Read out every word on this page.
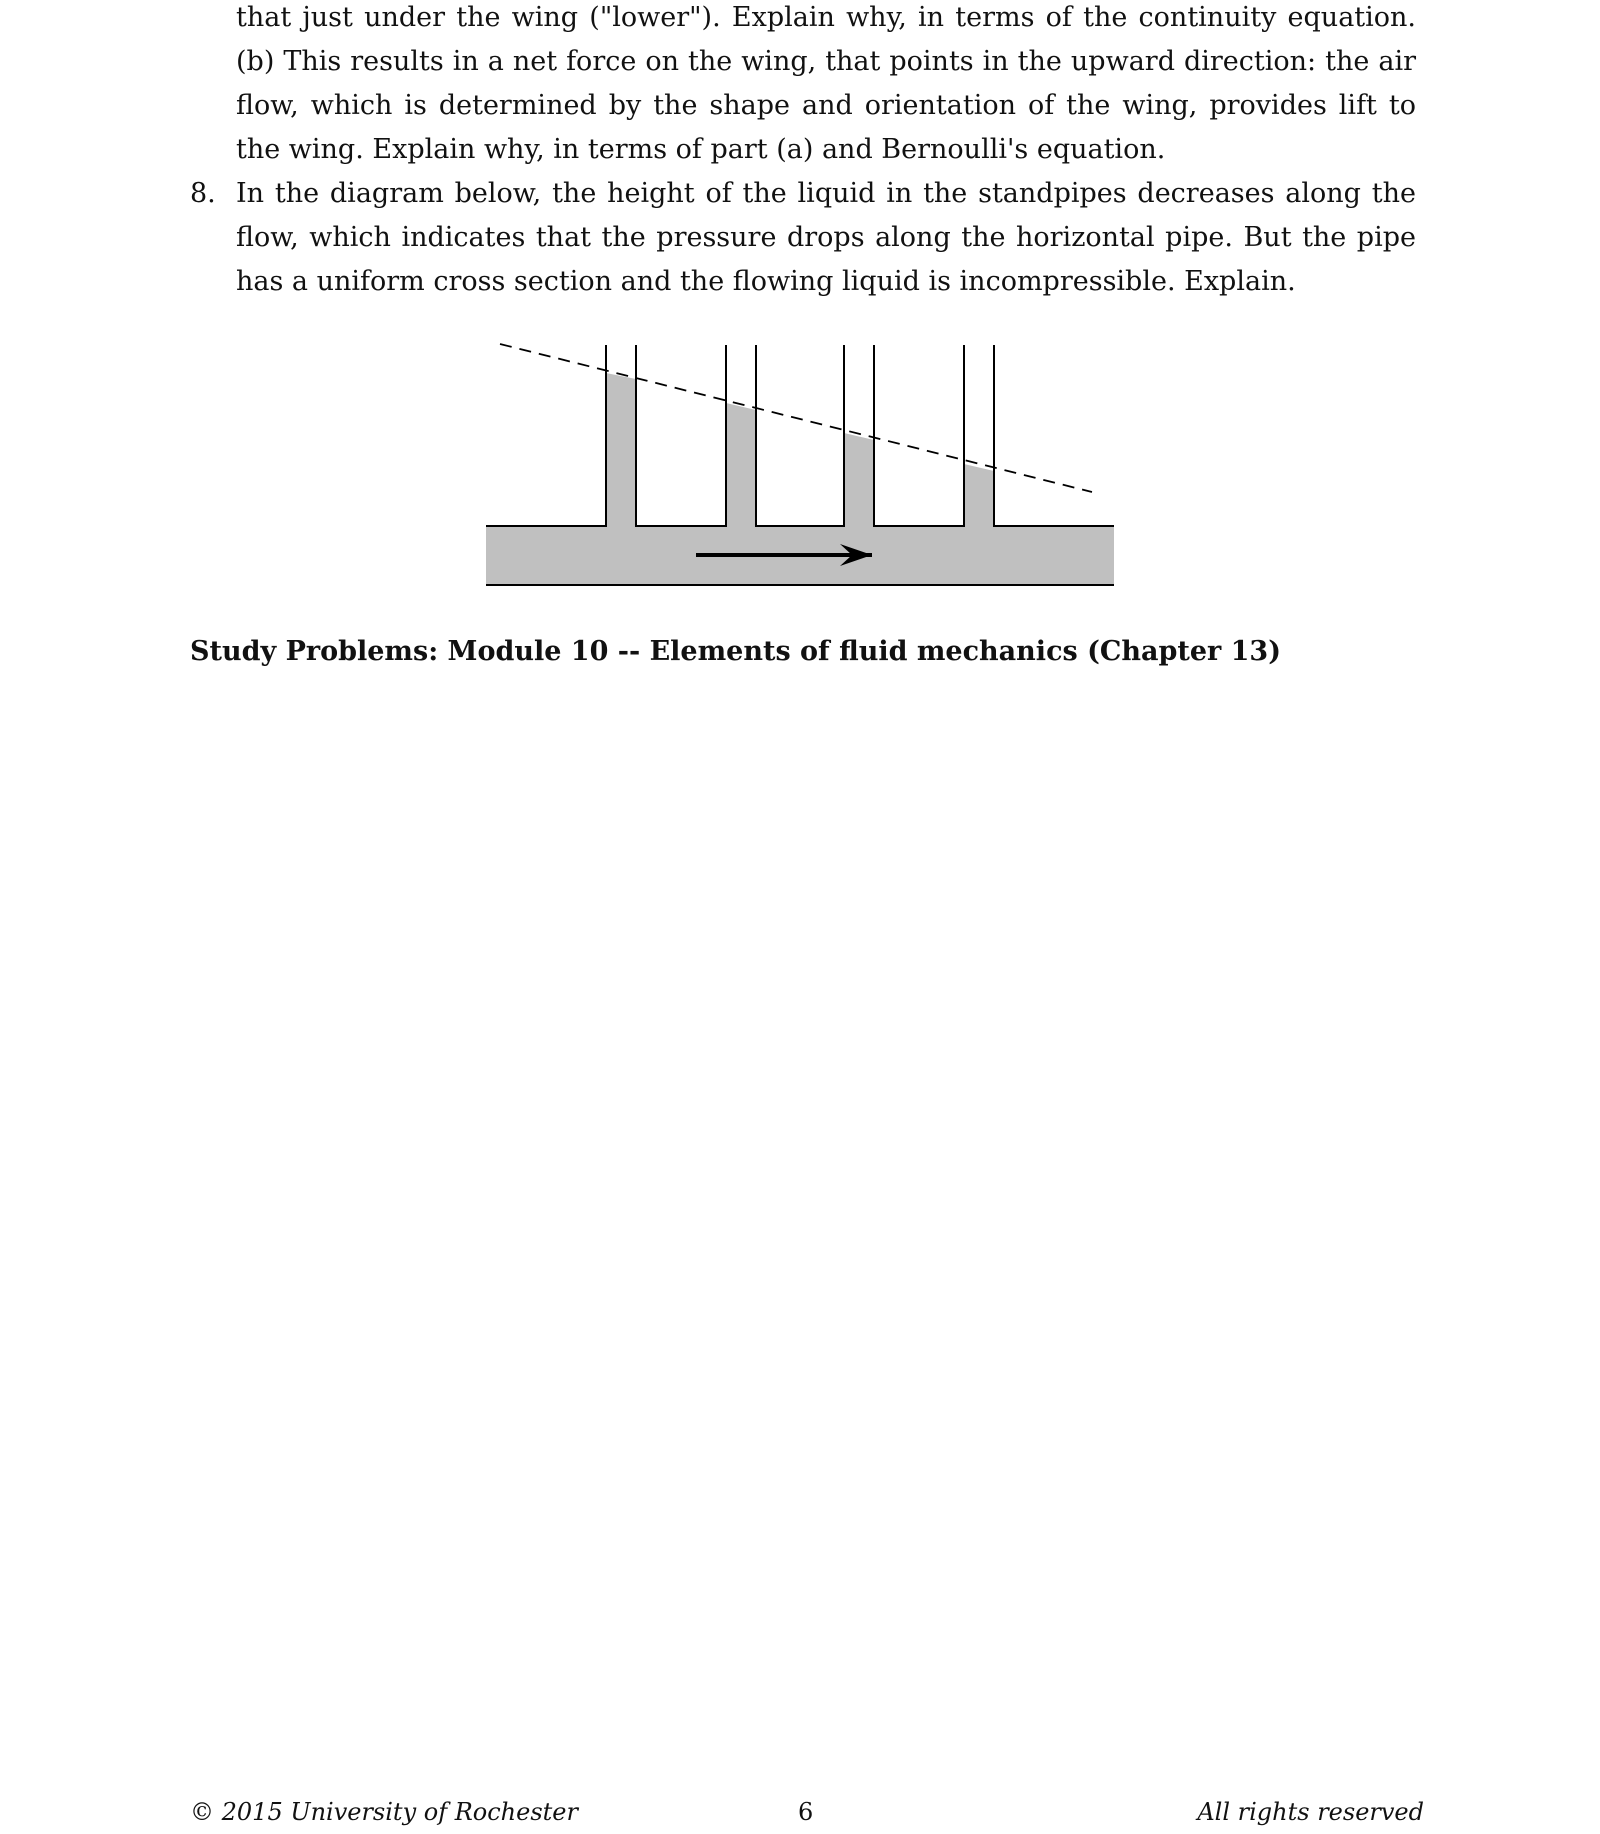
that just under the wing ("lower"). Explain why, in terms of the continuity equation.
(b) This results in a net force on the wing, that points in the upward direction: the air
flow, which is determined by the shape and orientation of the wing, provides lift to
the wing. Explain why, in terms of part (a) and Bernoulli's equation.
8. In the diagram below, the height of the liquid in the standpipes decreases along the
flow, which indicates that the pressure drops along the horizontal pipe. But the pipe
has a uniform cross section and the flowing liquid is incompressible. Explain.
Study Problems: Module 10 -- Elements of fluid mechanics (Chapter 13)
© 2015 University of Rochester	6	All rights reserved
